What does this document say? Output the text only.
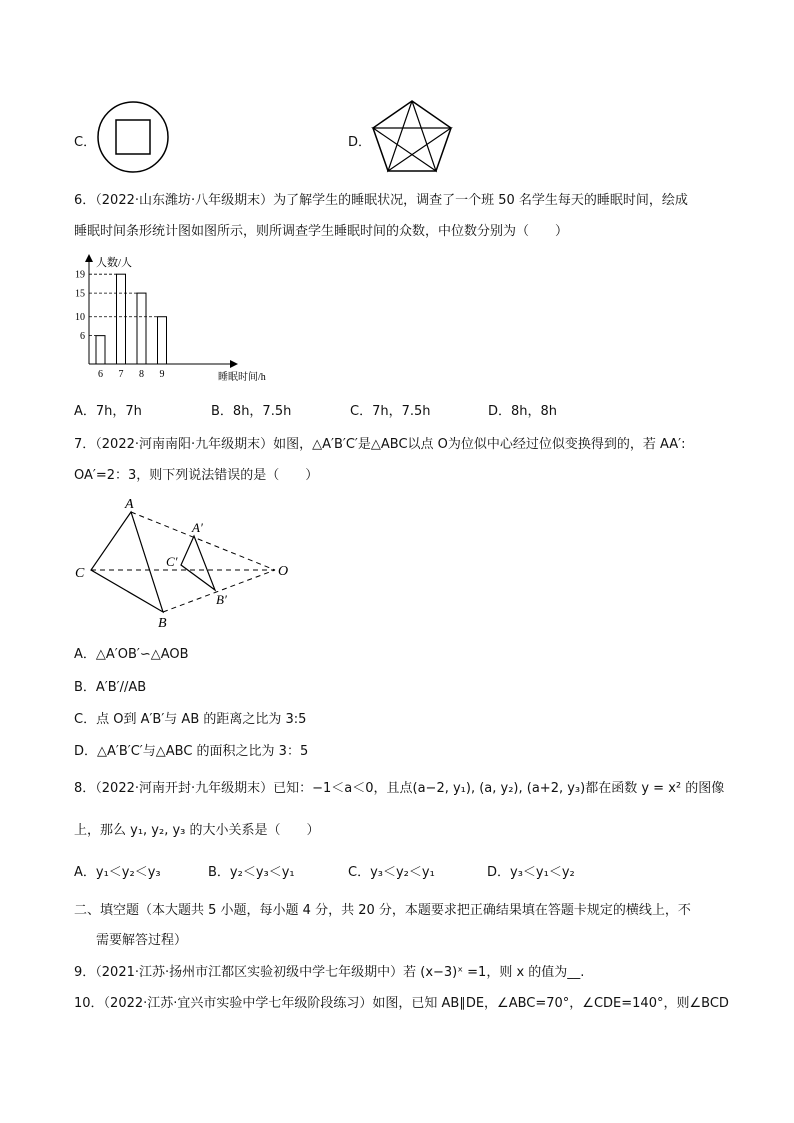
C．	D．
6．（2022·山东潍坊·八年级期末）为了解学生的睡眠状况，调查了一个班 50 名学生每天的睡眠时间，绘成
睡眠时间条形统计图如图所示，则所调查学生睡眠时间的众数，中位数分别为（　　）
人数/人
睡眠时间/h
6 7 8 9
6
10
15
19
A．7h，7h	B．8h，7.5h	C．7h，7.5h	D．8h，8h
7．（2022·河南南阳·九年级期末）如图，△A′B′C′是△ABC以点 O为位似中心经过位似变换得到的，若 AA′:
OA′=2：3，则下列说法错误的是（　　）
A
A′
C
C′
O
B
B′
A．△A′OB′∽△AOB
B．A′B′//AB
C．点 O到 A′B′与 AB 的距离之比为 3:5
D．△A′B′C′与△ABC 的面积之比为 3：5
8．（2022·河南开封·九年级期末）已知：−1＜a＜0，且点(a−2, y₁), (a, y₂), (a+2, y₃)都在函数 y = x² 的图像
上，那么 y₁, y₂, y₃ 的大小关系是（　　）
A．y₁＜y₂＜y₃	B．y₂＜y₃＜y₁	C．y₃＜y₂＜y₁	D．y₃＜y₁＜y₂
二、填空题（本大题共 5 小题，每小题 4 分，共 20 分，本题要求把正确结果填在答题卡规定的横线上，不
需要解答过程）
9．（2021·江苏·扬州市江都区实验初级中学七年级期中）若 (x−3)ˣ =1，则 x 的值为__.
10．（2022·江苏·宜兴市实验中学七年级阶段练习）如图，已知 AB∥DE，∠ABC=70°，∠CDE=140°，则∠BCD
